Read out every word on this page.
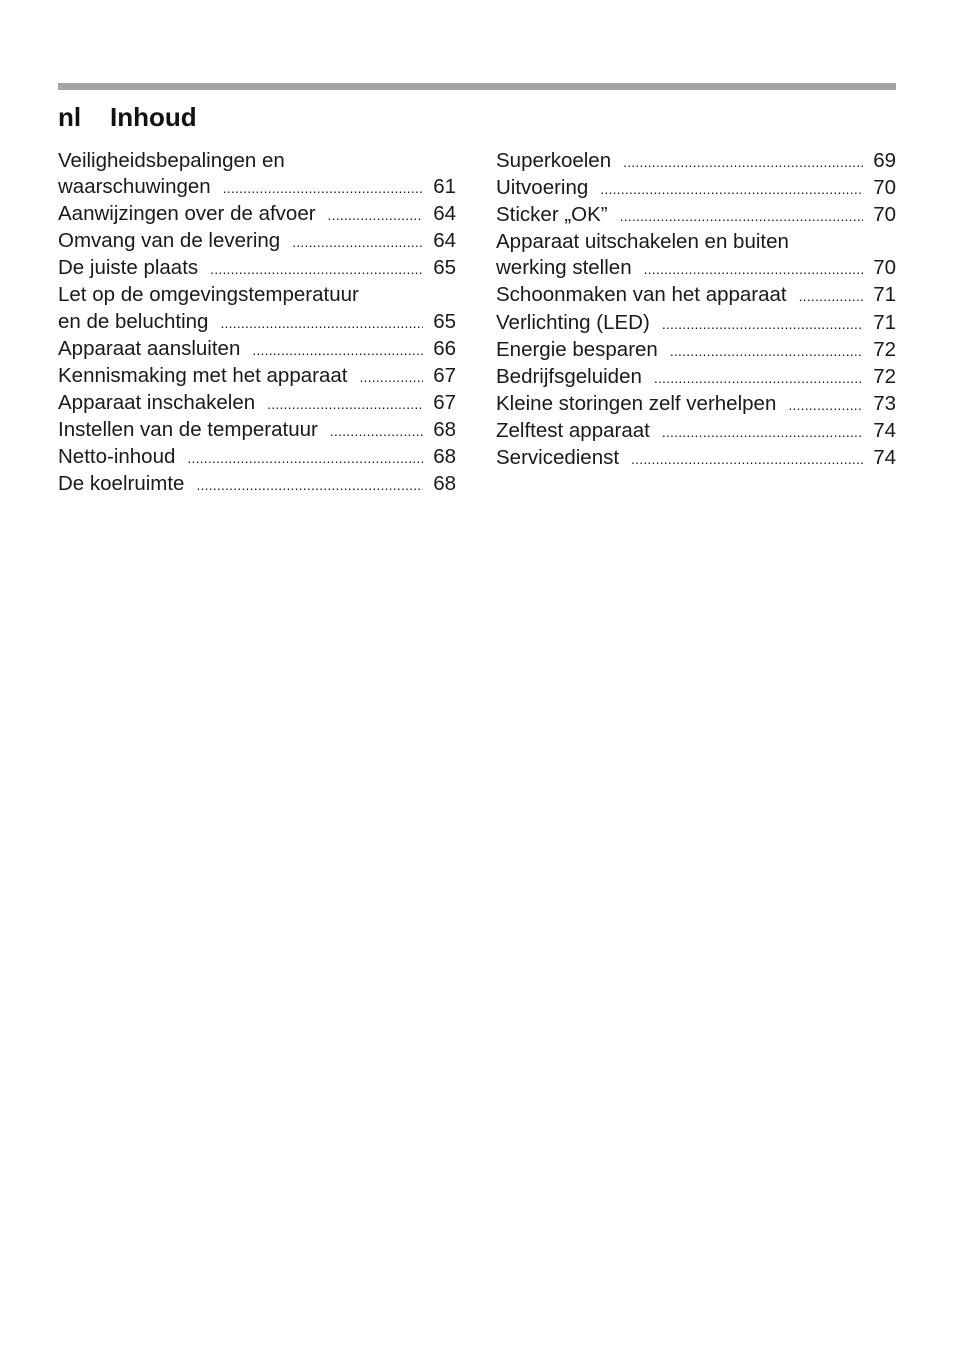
nl Inhoud
Veiligheidsbepalingen en
waarschuwingen .....	61
Aanwijzingen over de afvoer .....	64
Omvang van de levering .....	64
De juiste plaats .....	65
Let op de omgevingstemperatuur
en de beluchting .....	65
Apparaat aansluiten .....	66
Kennismaking met het apparaat .....	67
Apparaat inschakelen .....	67
Instellen van de temperatuur .....	68
Netto-inhoud .....	68
De koelruimte .....	68
Superkoelen .....	69
Uitvoering .....	70
Sticker „OK” .....	70
Apparaat uitschakelen en buiten
werking stellen .....	70
Schoonmaken van het apparaat .....	71
Verlichting (LED) .....	71
Energie besparen .....	72
Bedrijfsgeluiden .....	72
Kleine storingen zelf verhelpen .....	73
Zelftest apparaat .....	74
Servicedienst .....	74
